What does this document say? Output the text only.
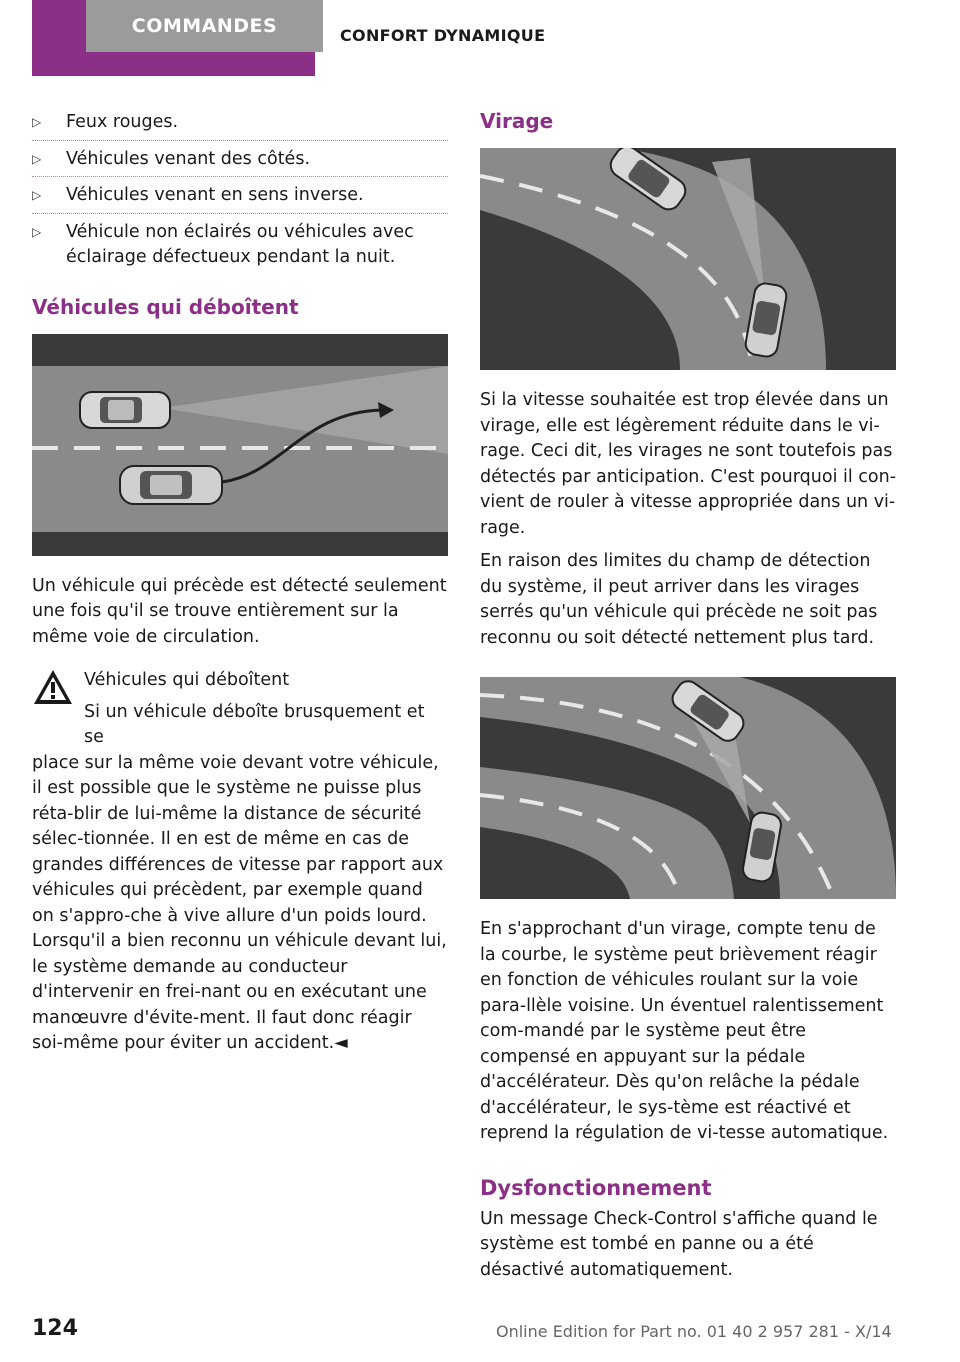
COMMANDES	CONFORT DYNAMIQUE
▷ Feux rouges.
▷ Véhicules venant des côtés.
▷ Véhicules venant en sens inverse.
▷ Véhicule non éclairés ou véhicules avec éclairage défectueux pendant la nuit.
Véhicules qui déboîtent

Un véhicule qui précède est détecté seulement une fois qu'il se trouve entièrement sur la même voie de circulation.

Véhicules qui déboîtent
Si un véhicule déboîte brusquement et se
place sur la même voie devant votre véhicule, il est possible que le système ne puisse plus réta-blir de lui-même la distance de sécurité sélec-tionnée. Il en est de même en cas de grandes différences de vitesse par rapport aux véhicules qui précèdent, par exemple quand on s'appro-che à vive allure d'un poids lourd. Lorsqu'il a bien reconnu un véhicule devant lui, le système demande au conducteur d'intervenir en frei-nant ou en exécutant une manœuvre d'évite-ment. Il faut donc réagir soi-même pour éviter un accident.◄
Virage

Si la vitesse souhaitée est trop élevée dans un virage, elle est légèrement réduite dans le vi-rage. Ceci dit, les virages ne sont toutefois pas détectés par anticipation. C'est pourquoi il con-vient de rouler à vitesse appropriée dans un vi-rage.

En raison des limites du champ de détection du système, il peut arriver dans les virages serrés qu'un véhicule qui précède ne soit pas reconnu ou soit détecté nettement plus tard.

En s'approchant d'un virage, compte tenu de la courbe, le système peut brièvement réagir en fonction de véhicules roulant sur la voie para-llèle voisine. Un éventuel ralentissement com-mandé par le système peut être compensé en appuyant sur la pédale d'accélérateur. Dès qu'on relâche la pédale d'accélérateur, le sys-tème est réactivé et reprend la régulation de vi-tesse automatique.

Dysfonctionnement

Un message Check-Control s'affiche quand le système est tombé en panne ou a été désactivé automatiquement.

124	Online Edition for Part no. 01 40 2 957 281 - X/14
